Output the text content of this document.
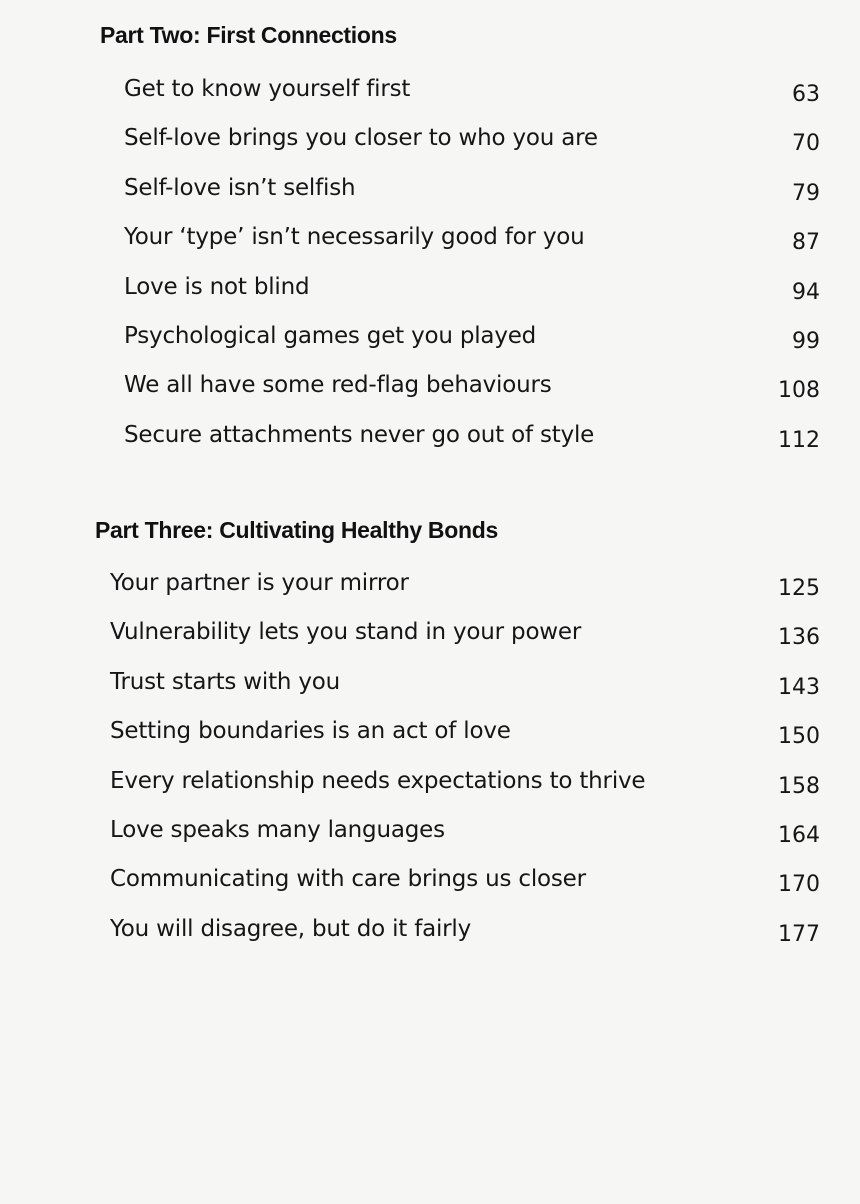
Part Two: First Connections
Get to know yourself first	63
Self-love brings you closer to who you are	70
Self-love isn’t selfish	79
Your ‘type’ isn’t necessarily good for you	87
Love is not blind	94
Psychological games get you played	99
We all have some red-flag behaviours	108
Secure attachments never go out of style	112
Part Three: Cultivating Healthy Bonds
Your partner is your mirror	125
Vulnerability lets you stand in your power	136
Trust starts with you	143
Setting boundaries is an act of love	150
Every relationship needs expectations to thrive	158
Love speaks many languages	164
Communicating with care brings us closer	170
You will disagree, but do it fairly	177
